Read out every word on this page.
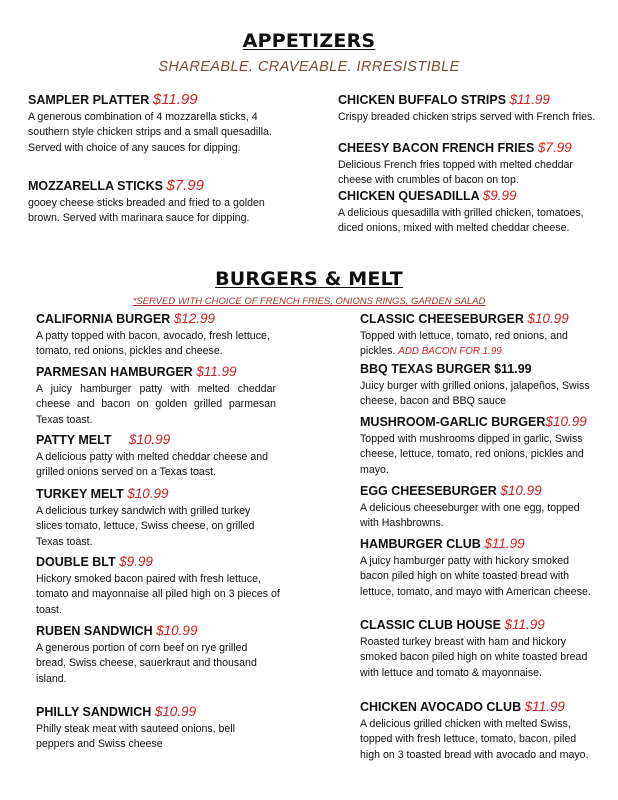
APPETIZERS
SHAREABLE. CRAVEABLE. IRRESISTIBLE
SAMPLER PLATTER $11.99
A generous combination of 4 mozzarella sticks, 4 southern style chicken strips and a small quesadilla. Served with choice of any sauces for dipping.
MOZZARELLA STICKS $7.99
gooey cheese sticks breaded and fried to a golden brown. Served with marinara sauce for dipping.
CHICKEN BUFFALO STRIPS $11.99
Crispy breaded chicken strips served with French fries.
CHEESY BACON FRENCH FRIES $7.99
Delicious French fries topped with melted cheddar cheese with crumbles of bacon on top.
CHICKEN QUESADILLA $9.99
A delicious quesadilla with grilled chicken, tomatoes, diced onions, mixed with melted cheddar cheese.
BURGERS & MELT
*SERVED WITH CHOICE OF FRENCH FRIES, ONIONS RINGS, GARDEN SALAD
CALIFORNIA BURGER $12.99
A patty topped with bacon, avocado, fresh lettuce, tomato, red onions, pickles and cheese.
PARMESAN HAMBURGER $11.99
A juicy hamburger patty with melted cheddar cheese and bacon on golden grilled parmesan Texas toast.
PATTY MELT $10.99
A delicious patty with melted cheddar cheese and grilled onions served on a Texas toast.
TURKEY MELT $10.99
A delicious turkey sandwich with grilled turkey slices tomato, lettuce, Swiss cheese, on grilled Texas toast.
DOUBLE BLT $9.99
Hickory smoked bacon paired with fresh lettuce, tomato and mayonnaise all piled high on 3 pieces of toast.
RUBEN SANDWICH $10.99
A generous portion of corn beef on rye grilled bread, Swiss cheese, sauerkraut and thousand island.
PHILLY SANDWICH $10.99
Philly steak meat with sauteed onions, bell peppers and Swiss cheese
CLASSIC CHEESEBURGER $10.99
Topped with lettuce, tomato, red onions, and pickles. ADD BACON FOR 1.99
BBQ TEXAS BURGER $11.99
Juicy burger with grilled onions, jalapeños, Swiss cheese, bacon and BBQ sauce
MUSHROOM-GARLIC BURGER$10.99
Topped with mushrooms dipped in garlic, Swiss cheese, lettuce, tomato, red onions, pickles and mayo.
EGG CHEESEBURGER $10.99
A delicious cheeseburger with one egg, topped with Hashbrowns.
HAMBURGER CLUB $11.99
A juicy hamburger patty with hickory smoked bacon piled high on white toasted bread with lettuce, tomato, and mayo with American cheese.
CLASSIC CLUB HOUSE $11.99
Roasted turkey breast with ham and hickory smoked bacon piled high on white toasted bread with lettuce and tomato & mayonnaise.
CHICKEN AVOCADO CLUB $11.99
A delicious grilled chicken with melted Swiss, topped with fresh lettuce, tomato, bacon, piled high on 3 toasted bread with avocado and mayo.
